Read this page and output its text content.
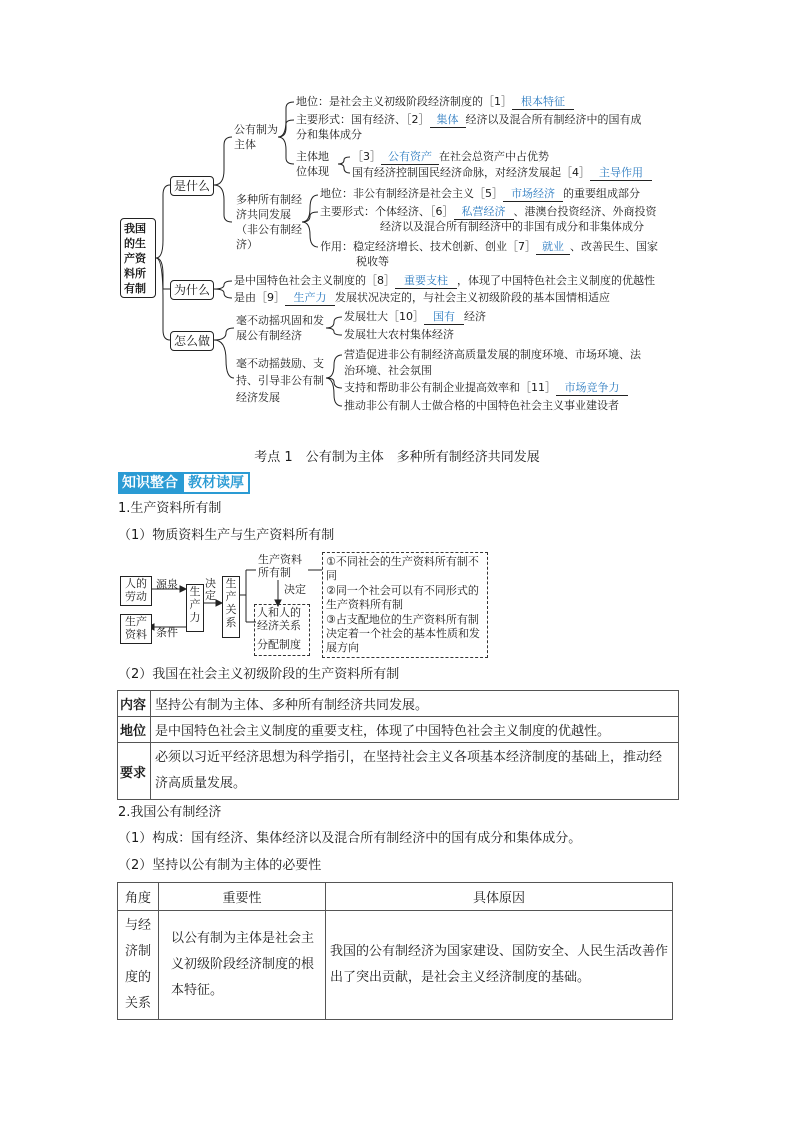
我国的生产资料所有制
是什么
为什么
怎么做
公有制为主体
地位：是社会主义初级阶段经济制度的［1］ 根本特征
主要形式：国有经济、［2］ 集体 经济以及混合所有制经济中的国有成
分和集体成分
主体地位体现
［3］ 公有资产 在社会总资产中占优势
国有经济控制国民经济命脉，对经济发展起［4］ 主导作用
多种所有制经济共同发展（非公有制经济）
地位：非公有制经济是社会主义［5］ 市场经济 的重要组成部分
主要形式：个体经济、［6］ 私营经济 、港澳台投资经济、外商投资
经济以及混合所有制经济中的非国有成分和非集体成分
作用：稳定经济增长、技术创新、创业［7］ 就业 、改善民生、国家
税收等
是中国特色社会主义制度的［8］ 重要支柱 ，体现了中国特色社会主义制度的优越性
是由［9］ 生产力 发展状况决定的，与社会主义初级阶段的基本国情相适应
毫不动摇巩固和发展公有制经济
发展壮大［10］ 国有 经济
发展壮大农村集体经济
毫不动摇鼓励、支持、引导非公有制经济发展
营造促进非公有制经济高质量发展的制度环境、市场环境、法
治环境、社会氛围
支持和帮助非公有制企业提高效率和［11］ 市场竞争力
推动非公有制人士做合格的中国特色社会主义事业建设者
考点 1　公有制为主体　多种所有制经济共同发展
知识整合 教材读厚
1.生产资料所有制
（1）物质资料生产与生产资料所有制
人的劳动
生产资料
源泉
条件
生产力
决定
生产关系
生产资料所有制
决定
人和人的经济关系
分配制度
①不同社会的生产资料所有制不同
②同一个社会可以有不同形式的生产资料所有制
③占支配地位的生产资料所有制决定着一个社会的基本性质和发展方向
（2）我国在社会主义初级阶段的生产资料所有制
内容	坚持公有制为主体、多种所有制经济共同发展。
地位	是中国特色社会主义制度的重要支柱，体现了中国特色社会主义制度的优越性。
要求	必须以习近平经济思想为科学指引，在坚持社会主义各项基本经济制度的基础上，推动经济高质量发展。
2.我国公有制经济
（1）构成：国有经济、集体经济以及混合所有制经济中的国有成分和集体成分。
（2）坚持以公有制为主体的必要性
角度	重要性	具体原因
与经济制度的关系	以公有制为主体是社会主义初级阶段经济制度的根本特征。	我国的公有制经济为国家建设、国防安全、人民生活改善作出了突出贡献，是社会主义经济制度的基础。
